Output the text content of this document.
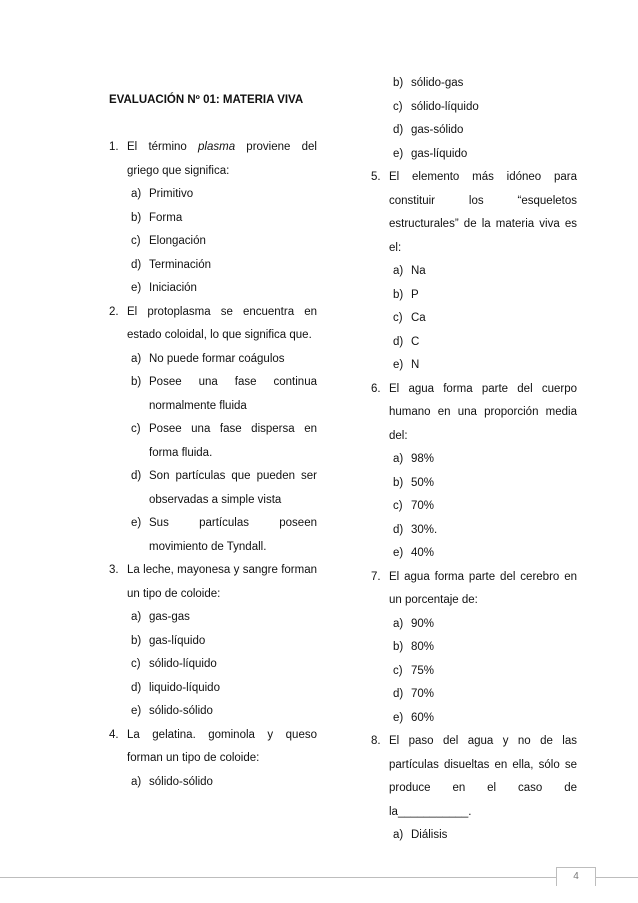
EVALUACIÓN Nº 01: MATERIA VIVA
1. El término plasma proviene del griego que significa:
a) Primitivo
b) Forma
c) Elongación
d) Terminación
e) Iniciación
2. El protoplasma se encuentra en estado coloidal, lo que significa que.
a) No puede formar coágulos
b) Posee una fase continua normalmente fluida
c) Posee una fase dispersa en forma fluida.
d) Son partículas que pueden ser observadas a simple vista
e) Sus partículas poseen movimiento de Tyndall.
3. La leche, mayonesa y sangre forman un tipo de coloide:
a) gas-gas
b) gas-líquido
c) sólido-líquido
d) liquido-líquido
e) sólido-sólido
4. La gelatina. gominola y queso forman un tipo de coloide:
a) sólido-sólido
b) sólido-gas
c) sólido-líquido
d) gas-sólido
e) gas-líquido
5. El elemento más idóneo para constituir los “esqueletos estructurales” de la materia viva es el:
a) Na
b) P
c) Ca
d) C
e) N
6. El agua forma parte del cuerpo humano en una proporción media del:
a) 98%
b) 50%
c) 70%
d) 30%.
e) 40%
7. El agua forma parte del cerebro en un porcentaje de:
a) 90%
b) 80%
c) 75%
d) 70%
e) 60%
8. El paso del agua y no de las partículas disueltas en ella, sólo se produce en el caso de la___________.
a) Diálisis
4
